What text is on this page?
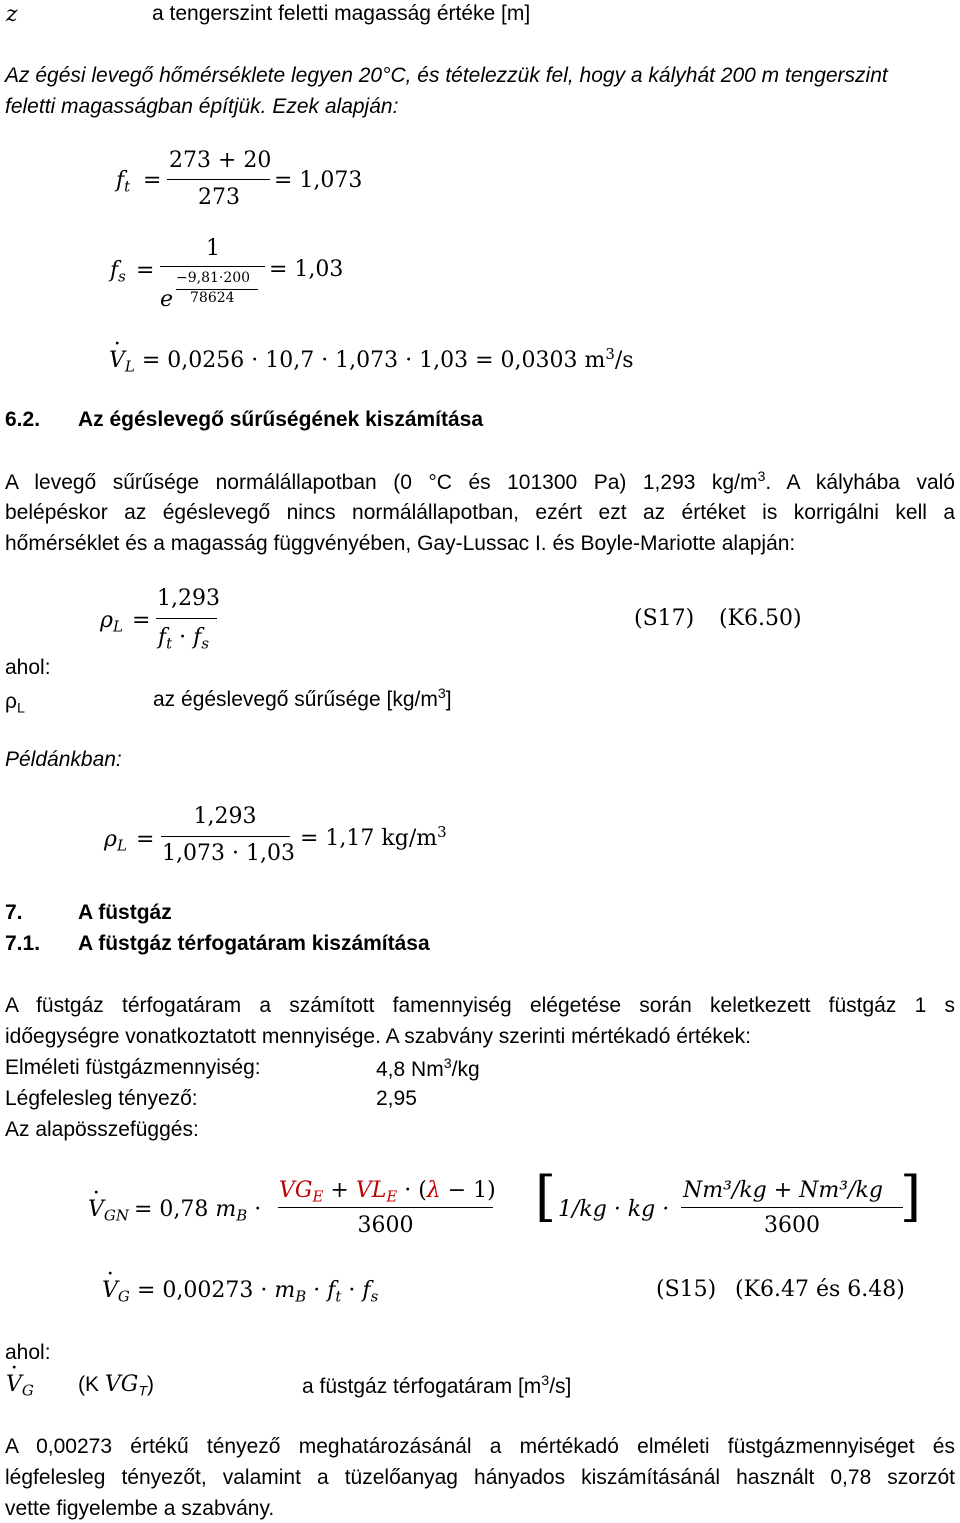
z	a tengerszint feletti magasság értéke [m]
Az égési levegő hőmérséklete legyen 20°C, és tételezzük fel, hogy a kályhát 200 m tengerszint
feletti magasságban építjük. Ezek alapján:
$f_t$ =
273 + 20
273
= 1,073
$f_s$ =
1
e
−9,81·200
78624
= 1,03
· $V_L = 0,0256 \cdot 10,7 \cdot 1,073 \cdot 1,03 = 0,0303$ $m^3/s$
6.2. Az égéslevegő sűrűségének kiszámítása
A levegő sűrűsége normálállapotban (0 °C és 101300 Pa) 1,293 $kg/m^3$. A kályhába való
belépéskor az égéslevegő nincs normálállapotban, ezért ezt az értéket is korrigálni kell a
hőmérséklet és a magasság függvényében, Gay-Lussac I. és Boyle-Mariotte alapján:
$\rho_L$ =
1,293
$f_t \cdot f_s$
(S17) (K6.50)
ahol:
$\rho_L$	az égéslevegő sűrűsége $[kg/m^3]$
Példánkban:
$\rho_L$ =
1,293
1,073 · 1,03
= 1,17 $kg/m^3$
7.	A füstgáz
7.1. A füstgáz térfogatáram kiszámítása
A füstgáz térfogatáram a számított famennyiség elégetése során keletkezett füstgáz 1 s
időegységre vonatkoztatott mennyisége. A szabvány szerinti mértékadó értékek:
Elméleti füstgázmennyiség:	4,8 Nm$^3$/kg
Légfelesleg tényező:	2,95
Az alapösszefüggés:
· $V_{GN} = 0,78$ $m_B$ ·
$VG_E + VL_E \cdot (\lambda - 1)$
3600	[ 1/kg · kg ·
Nm³/kg + Nm³/kg
3600	]
· $V_G = 0,00273 \cdot m_B \cdot f_t \cdot f_s$	(S15) (K6.47 és 6.48)
ahol:
· $V_G$ (K $VG_T$)	a füstgáz térfogatáram $[m^3/s]$
A 0,00273 értékű tényező meghatározásánál a mértékadó elméleti füstgázmennyiséget és
légfelesleg tényezőt, valamint a tüzelőanyag hányados kiszámításánál használt 0,78 szorzót
vette figyelembe a szabvány.
